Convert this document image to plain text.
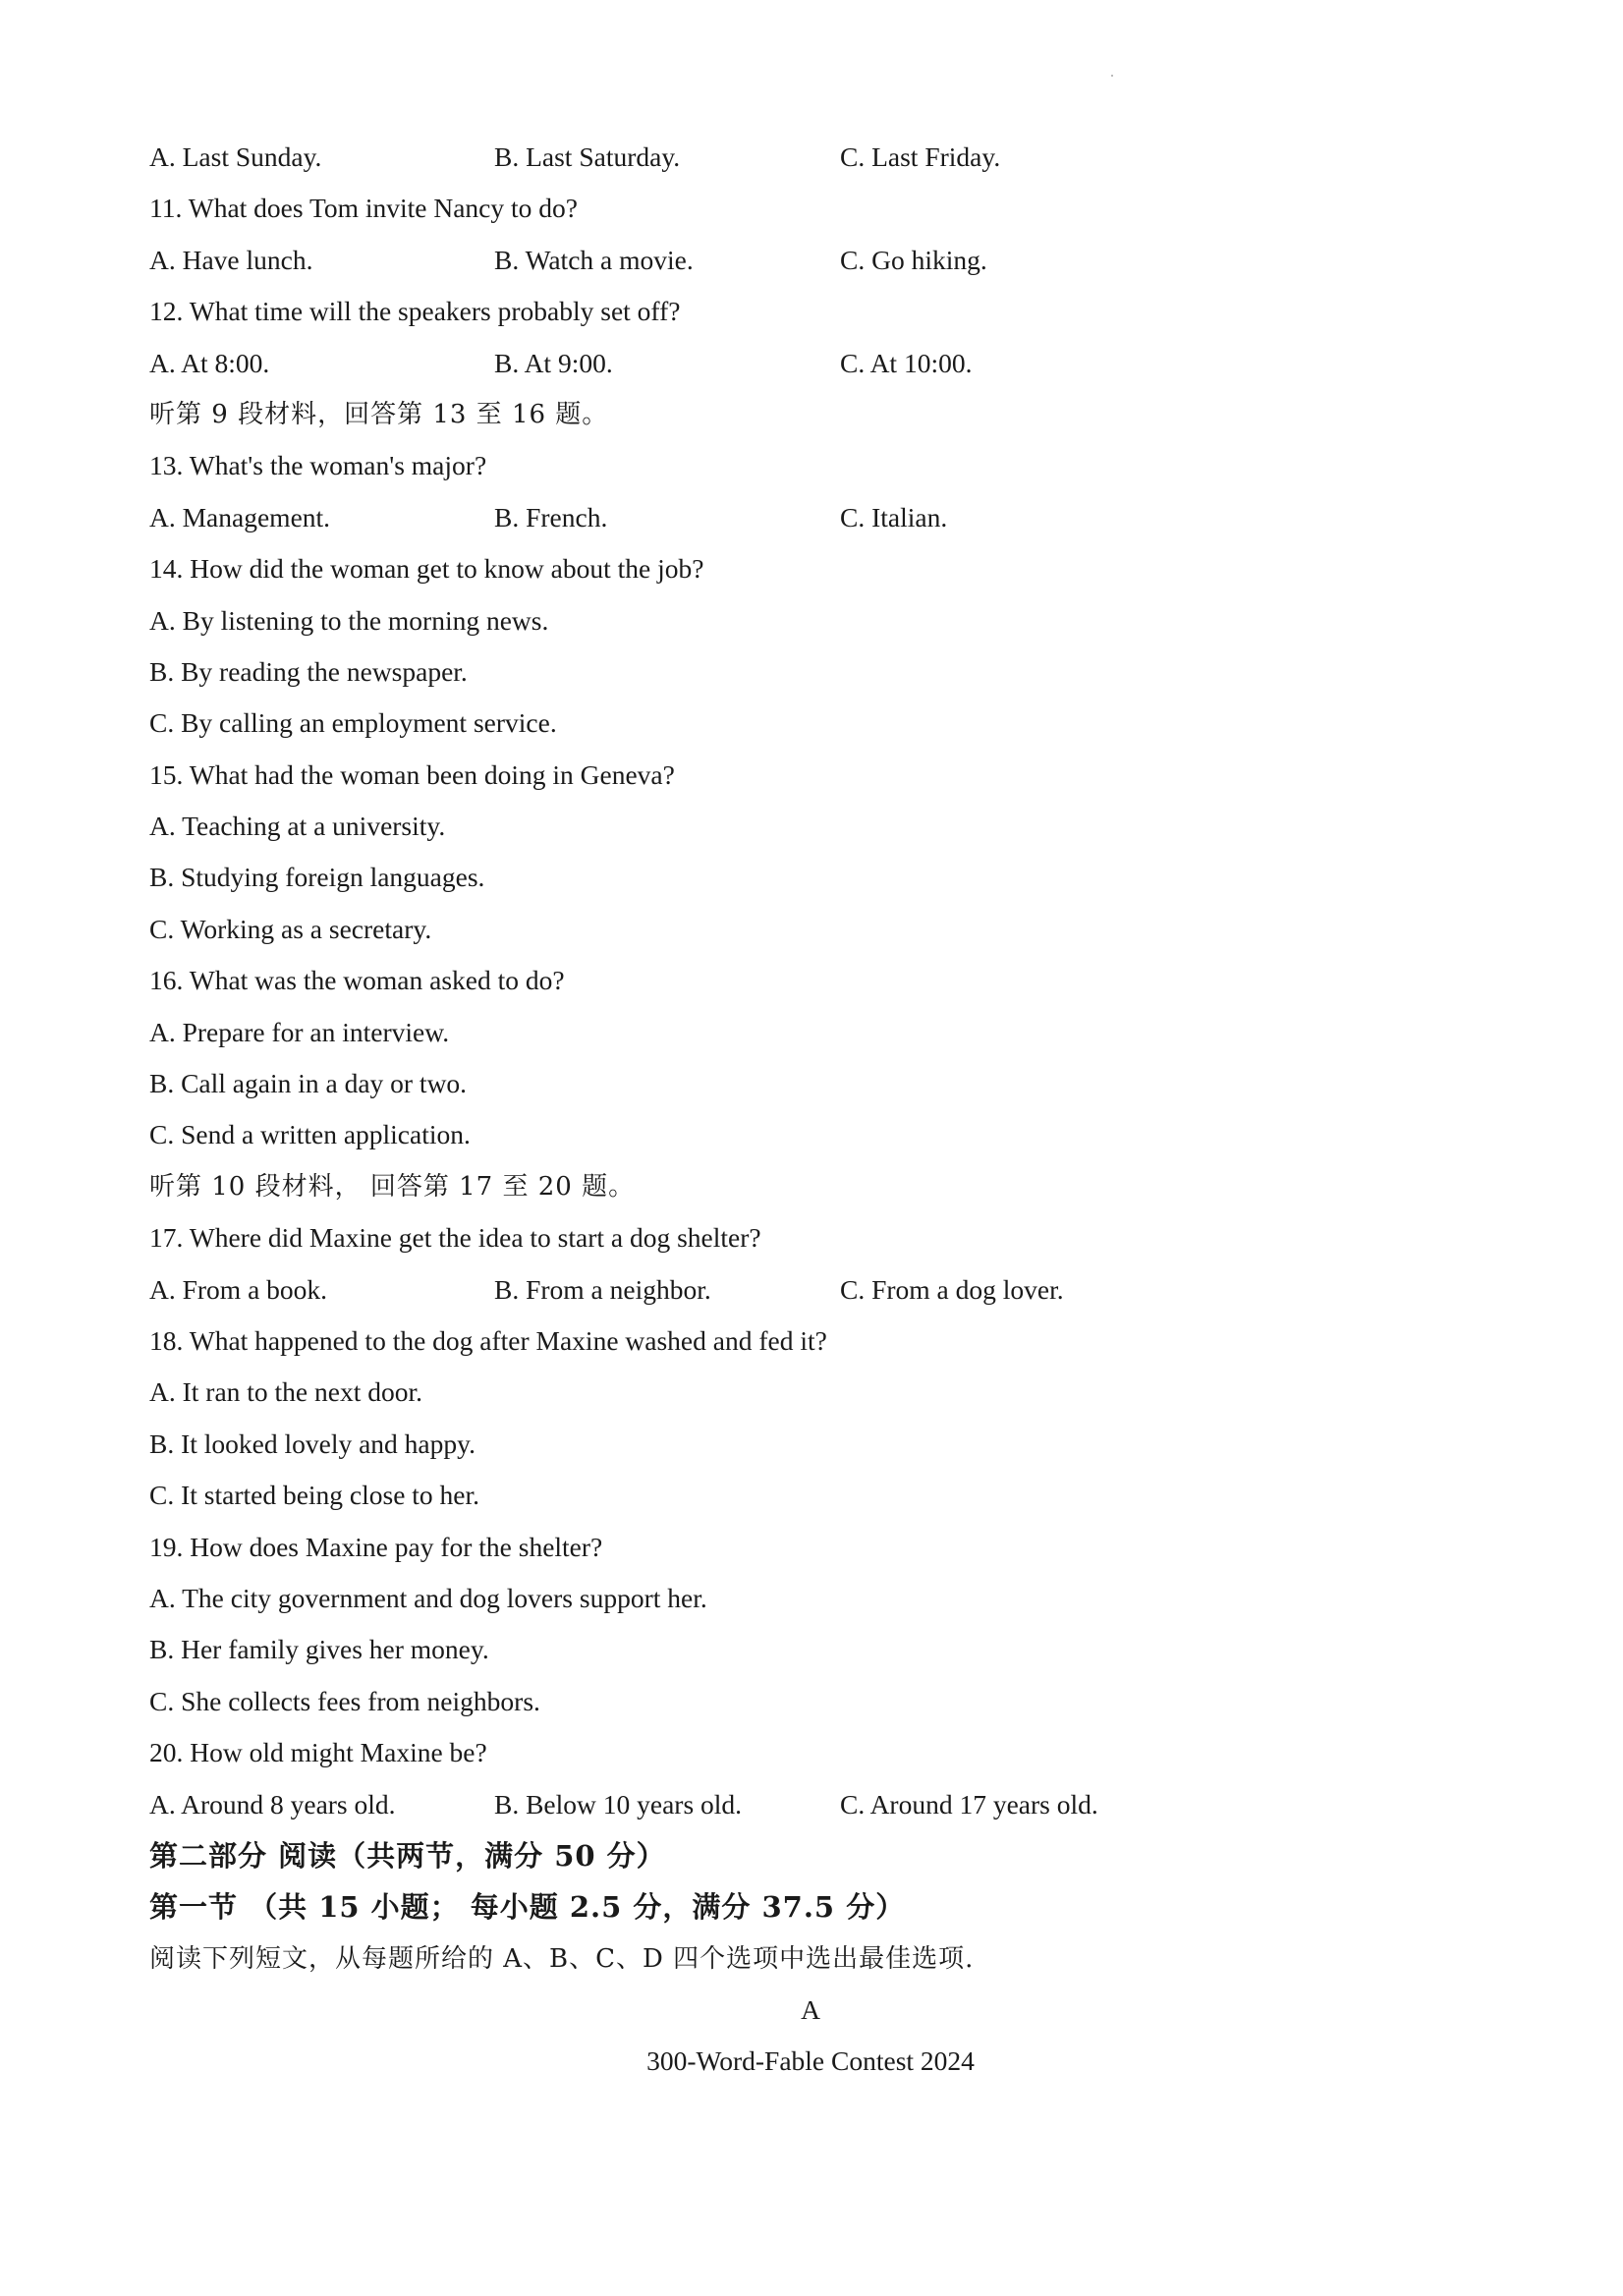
A. Last Sunday.	B. Last Saturday.	C. Last Friday.
11. What does Tom invite Nancy to do?
A. Have lunch.	B. Watch a movie.	C. Go hiking.
12. What time will the speakers probably set off?
A. At 8:00.	B. At 9:00.	C. At 10:00.
听第 9 段材料，回答第 13 至 16 题。
13. What's the woman's major?
A. Management.	B. French.	C. Italian.
14. How did the woman get to know about the job?
A. By listening to the morning news.
B. By reading the newspaper.
C. By calling an employment service.
15. What had the woman been doing in Geneva?
A. Teaching at a university.
B. Studying foreign languages.
C. Working as a secretary.
16. What was the woman asked to do?
A. Prepare for an interview.
B. Call again in a day or two.
C. Send a written application.
听第 10 段材料， 回答第 17 至 20 题。
17. Where did Maxine get the idea to start a dog shelter?
A. From a book.	B. From a neighbor.	C. From a dog lover.
18. What happened to the dog after Maxine washed and fed it?
A. It ran to the next door.
B. It looked lovely and happy.
C. It started being close to her.
19. How does Maxine pay for the shelter?
A. The city government and dog lovers support her.
B. Her family gives her money.
C. She collects fees from neighbors.
20. How old might Maxine be?
A. Around 8 years old.	B. Below 10 years old.	C. Around 17 years old.
第二部分 阅读（共两节，满分 50 分）
第一节 （共 15 小题； 每小题 2.5 分，满分 37.5 分）
阅读下列短文，从每题所给的 A、B、C、D 四个选项中选出最佳选项.
A
300-Word-Fable Contest 2024
